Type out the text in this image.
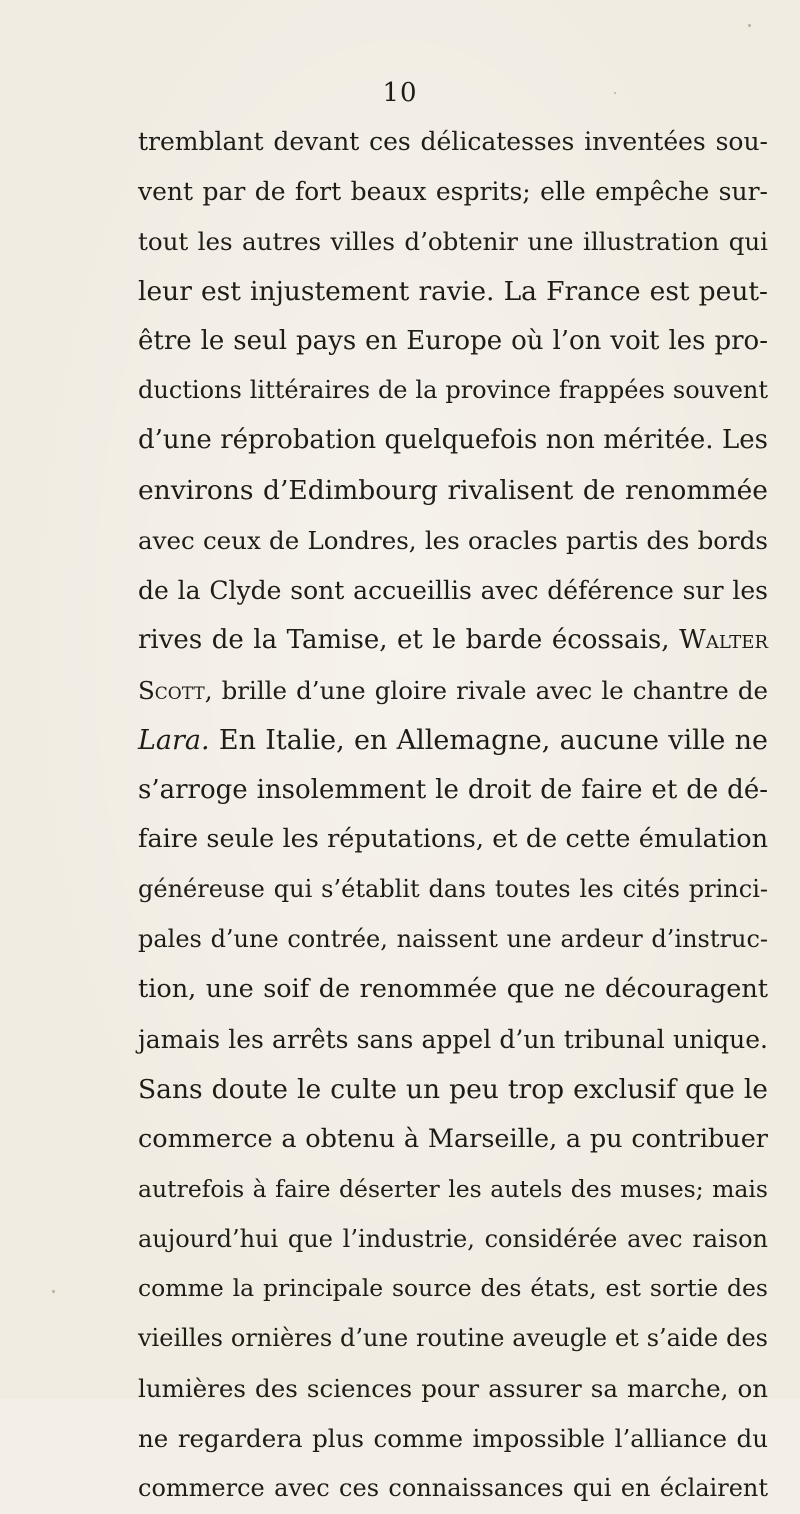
10
tremblant devant ces délicatesses inventées sou-
vent par de fort beaux esprits; elle empêche sur-
tout les autres villes d’obtenir une illustration qui
leur est injustement ravie. La France est peut-
être le seul pays en Europe où l’on voit les pro-
ductions littéraires de la province frappées souvent
d’une réprobation quelquefois non méritée. Les
environs d’Edimbourg rivalisent de renommée
avec ceux de Londres, les oracles partis des bords
de la Clyde sont accueillis avec déférence sur les
rives de la Tamise, et le barde écossais, Walter
Scott, brille d’une gloire rivale avec le chantre de
Lara. En Italie, en Allemagne, aucune ville ne
s’arroge insolemment le droit de faire et de dé-
faire seule les réputations, et de cette émulation
généreuse qui s’établit dans toutes les cités princi-
pales d’une contrée, naissent une ardeur d’instruc-
tion, une soif de renommée que ne découragent
jamais les arrêts sans appel d’un tribunal unique.
Sans doute le culte un peu trop exclusif que le
commerce a obtenu à Marseille, a pu contribuer
autrefois à faire déserter les autels des muses; mais
aujourd’hui que l’industrie, considérée avec raison
comme la principale source des états, est sortie des
vieilles ornières d’une routine aveugle et s’aide des
lumières des sciences pour assurer sa marche, on
ne regardera plus comme impossible l’alliance du
commerce avec ces connaissances qui en éclairent
